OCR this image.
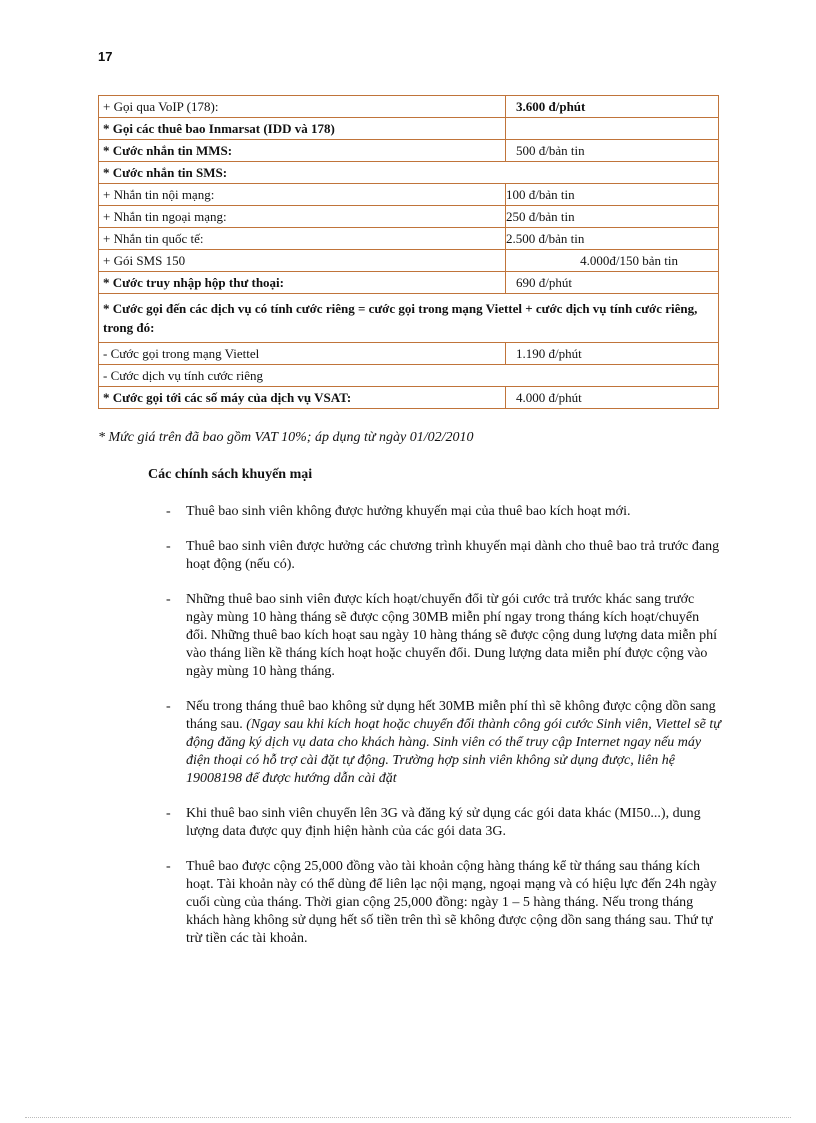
17
+ Gọi qua VoIP (178):	3.600 đ/phút
* Gọi các thuê bao Inmarsat (IDD và 178)	
* Cước nhắn tin MMS:	500 đ/bản tin
* Cước nhắn tin SMS:	
+ Nhắn tin nội mạng:	100 đ/bản tin
+ Nhắn tin ngoại mạng:	250 đ/bản tin
+ Nhắn tin quốc tế:	2.500 đ/bản tin
+ Gói SMS 150	4.000đ/150 bản tin
* Cước truy nhập hộp thư thoại:	690 đ/phút
* Cước gọi đến các dịch vụ có tính cước riêng = cước gọi trong mạng Viettel + cước dịch vụ tính cước riêng, trong đó:	
- Cước gọi trong mạng Viettel	1.190 đ/phút
- Cước dịch vụ tính cước riêng	
* Cước gọi tới các số máy của dịch vụ VSAT:	4.000 đ/phút
* Mức giá trên đã bao gồm VAT 10%; áp dụng từ ngày 01/02/2010
Các chính sách khuyến mại
- Thuê bao sinh viên không được hưởng khuyến mại của thuê bao kích hoạt mới.
- Thuê bao sinh viên được hưởng các chương trình khuyến mại dành cho thuê bao trả trước đang hoạt động (nếu có).
- Những thuê bao sinh viên được kích hoạt/chuyển đổi từ gói cước trả trước khác sang trước ngày mùng 10 hàng tháng sẽ được cộng 30MB miễn phí ngay trong tháng kích hoạt/chuyển đổi. Những thuê bao kích hoạt sau ngày 10 hàng tháng sẽ được cộng dung lượng data miễn phí vào tháng liền kề tháng kích hoạt hoặc chuyển đổi. Dung lượng data miễn phí được cộng vào ngày mùng 10 hàng tháng.
- Nếu trong tháng thuê bao không sử dụng hết 30MB miễn phí thì sẽ không được cộng dồn sang tháng sau. (Ngay sau khi kích hoạt hoặc chuyển đổi thành công gói cước Sinh viên, Viettel sẽ tự động đăng ký dịch vụ data cho khách hàng. Sinh viên có thể truy cập Internet ngay nếu máy điện thoại có hỗ trợ cài đặt tự động. Trường hợp sinh viên không sử dụng được, liên hệ 19008198 để được hướng dẫn cài đặt
- Khi thuê bao sinh viên chuyển lên 3G và đăng ký sử dụng các gói data khác (MI50...), dung lượng data được quy định hiện hành của các gói data 3G.
- Thuê bao được cộng 25,000 đồng vào tài khoản cộng hàng tháng kể từ tháng sau tháng kích hoạt. Tài khoản này có thể dùng để liên lạc nội mạng, ngoại mạng và có hiệu lực đến 24h ngày cuối cùng của tháng. Thời gian cộng 25,000 đồng: ngày 1 – 5 hàng tháng. Nếu trong tháng khách hàng không sử dụng hết số tiền trên thì sẽ không được cộng dồn sang tháng sau. Thứ tự trừ tiền các tài khoản.
